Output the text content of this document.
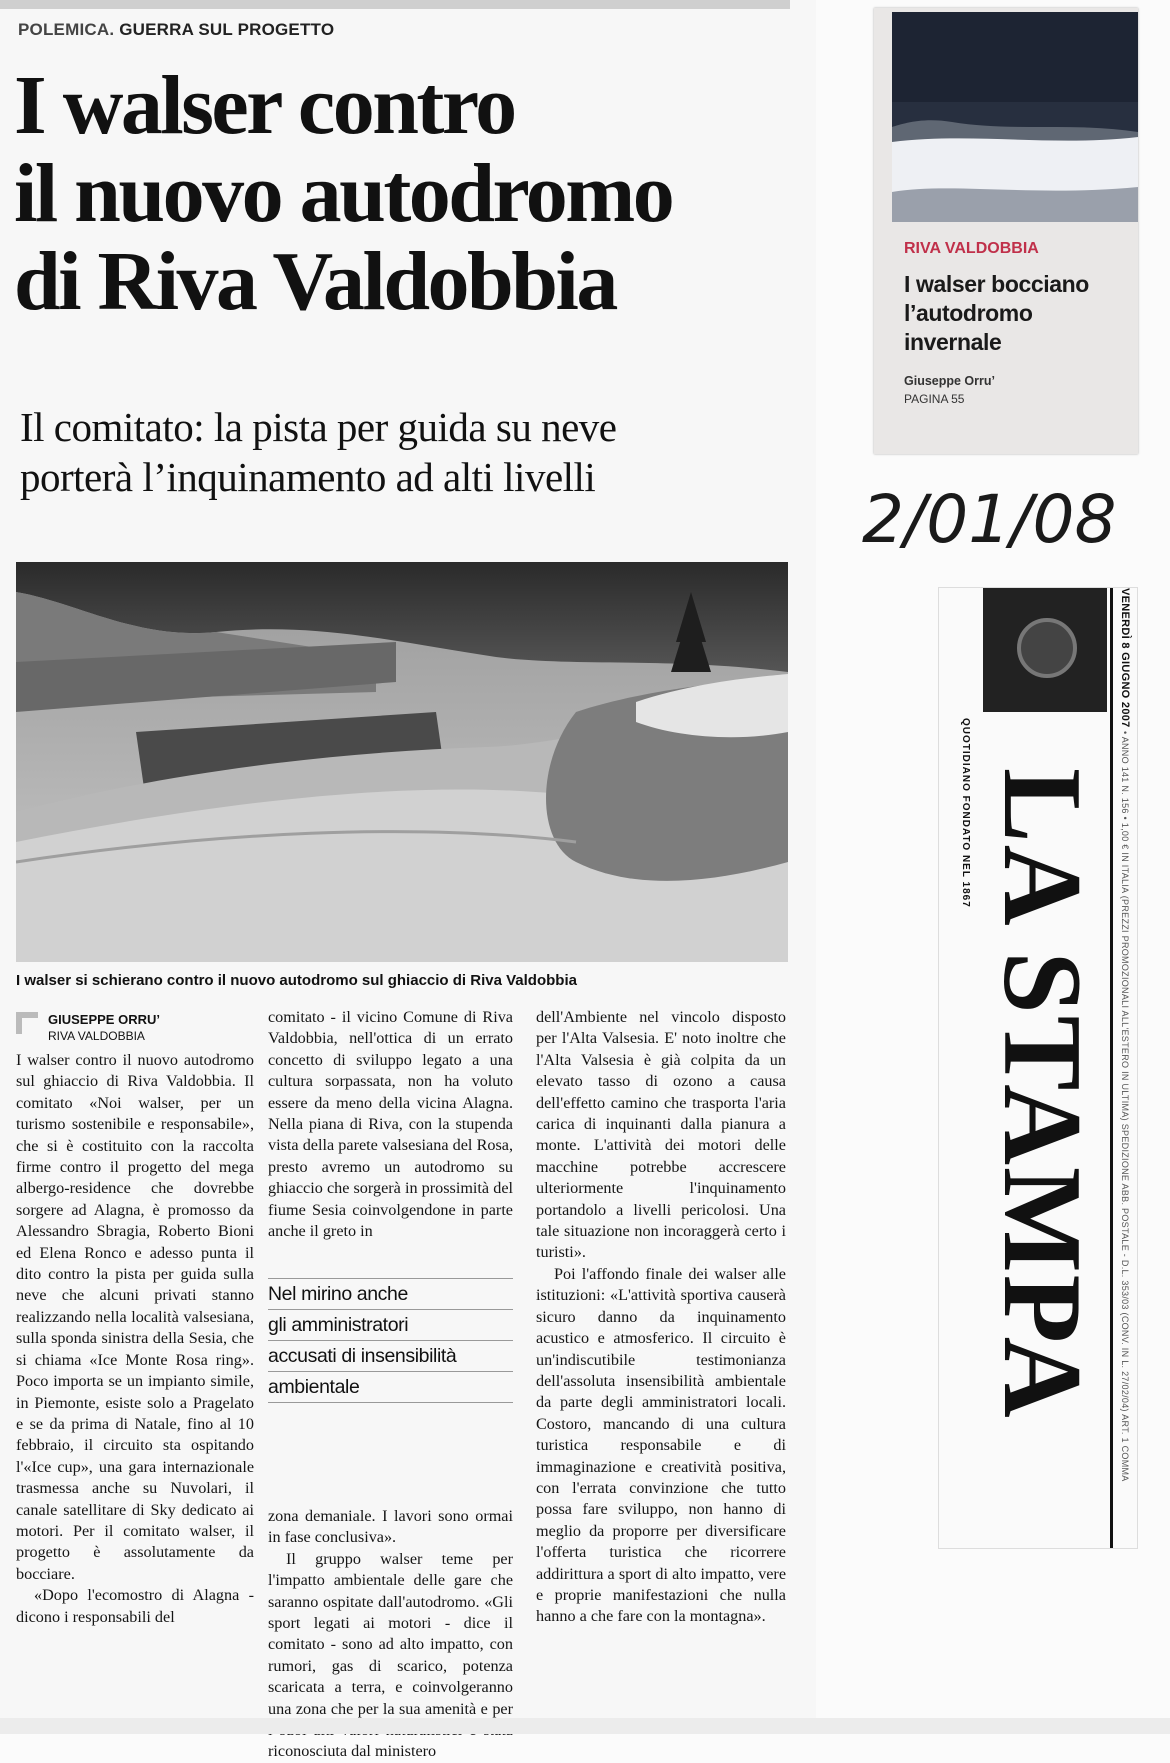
POLEMICA. GUERRA SUL PROGETTO
I walser contro
il nuovo autodromo
di Riva Valdobbia
Il comitato: la pista per guida su neve
porterà l’inquinamento ad alti livelli
I walser si schierano contro il nuovo autodromo sul ghiaccio di Riva Valdobbia
GIUSEPPE ORRU’
RIVA VALDOBBIA

I walser contro il nuovo autodromo sul ghiaccio di Riva Valdobbia. Il comitato «Noi walser, per un turismo sostenibile e responsabile», che si è costituito con la raccolta firme contro il progetto del mega albergo-residence che dovrebbe sorgere ad Alagna, è promosso da Alessandro Sbragia, Roberto Bioni ed Elena Ronco e adesso punta il dito contro la pista per guida sulla neve che alcuni privati stanno realizzando nella località valsesiana, sulla sponda sinistra della Sesia, che si chiama «Ice Monte Rosa ring». Poco importa se un impianto simile, in Piemonte, esiste solo a Pragelato e se da prima di Natale, fino al 10 febbraio, il circuito sta ospitando l'«Ice cup», una gara internazionale trasmessa anche su Nuvolari, il canale satellitare di Sky dedicato ai motori. Per il comitato walser, il progetto è assolutamente da bocciare.

«Dopo l'ecomostro di Alagna - dicono i responsabili del

comitato - il vicino Comune di Riva Valdobbia, nell'ottica di un errato concetto di sviluppo legato a una cultura sorpassata, non ha voluto essere da meno della vicina Alagna. Nella piana di Riva, con la stupenda vista della parete valsesiana del Rosa, presto avremo un autodromo su ghiaccio che sorgerà in prossimità del fiume Sesia coinvolgendone in parte anche il greto in

Nel mirino anche
gli amministratori
accusati di insensibilità
ambientale

zona demaniale. I lavori sono ormai in fase conclusiva».

Il gruppo walser teme per l'impatto ambientale delle gare che saranno ospitate dall'autodromo. «Gli sport legati ai motori - dice il comitato - sono ad alto impatto, con rumori, gas di scarico, potenza scaricata a terra, e coinvolgeranno una zona che per la sua amenità e per riconosciuta dal ministero

dell'Ambiente nel vincolo disposto per l'Alta Valsesia. E' noto inoltre che l'Alta Valsesia è già colpita da un elevato tasso di ozono a causa dell'effetto camino che trasporta l'aria carica di inquinanti dalla pianura a monte. L'attività dei motori delle macchine potrebbe accrescere ulteriormente l'inquinamento portandolo a livelli pericolosi. Una tale situazione non incoraggerà certo i turisti».

Poi l'affondo finale dei walser alle istituzioni: «L'attività sportiva causerà sicuro danno da inquinamento acustico e atmosferico. Il circuito è un'indiscutibile testimonianza dell'assoluta insensibilità ambientale da parte degli amministratori locali. Costoro, mancando di una cultura turistica responsabile e di immaginazione e creatività positiva, con l'errata convinzione che tutto possa fare sviluppo, non hanno di meglio da proporre per diversificare l'offerta turistica che ricorrere addirittura a sport di alto impatto, vere e proprie manifestazioni che nulla hanno a che fare con la montagna».

RIVA VALDOBBIA
I walser bocciano
l’autodromo
invernale
Giuseppe Orru’
PAGINA 55
2/01/08
VENERDÌ 8 GIUGNO 2007 • ANNO 141 N. 156 • 1,00 € IN ITALIA (PREZZI PROMOZIONALI ALL'ESTERO IN ULTIMA) SPEDIZIONE ABB. POSTALE - D.L. 353/03 (CONV. IN L. 27/02/04) ART. 1 COMMA
LA STAMPA
QUOTIDIANO FONDATO NEL 1867
